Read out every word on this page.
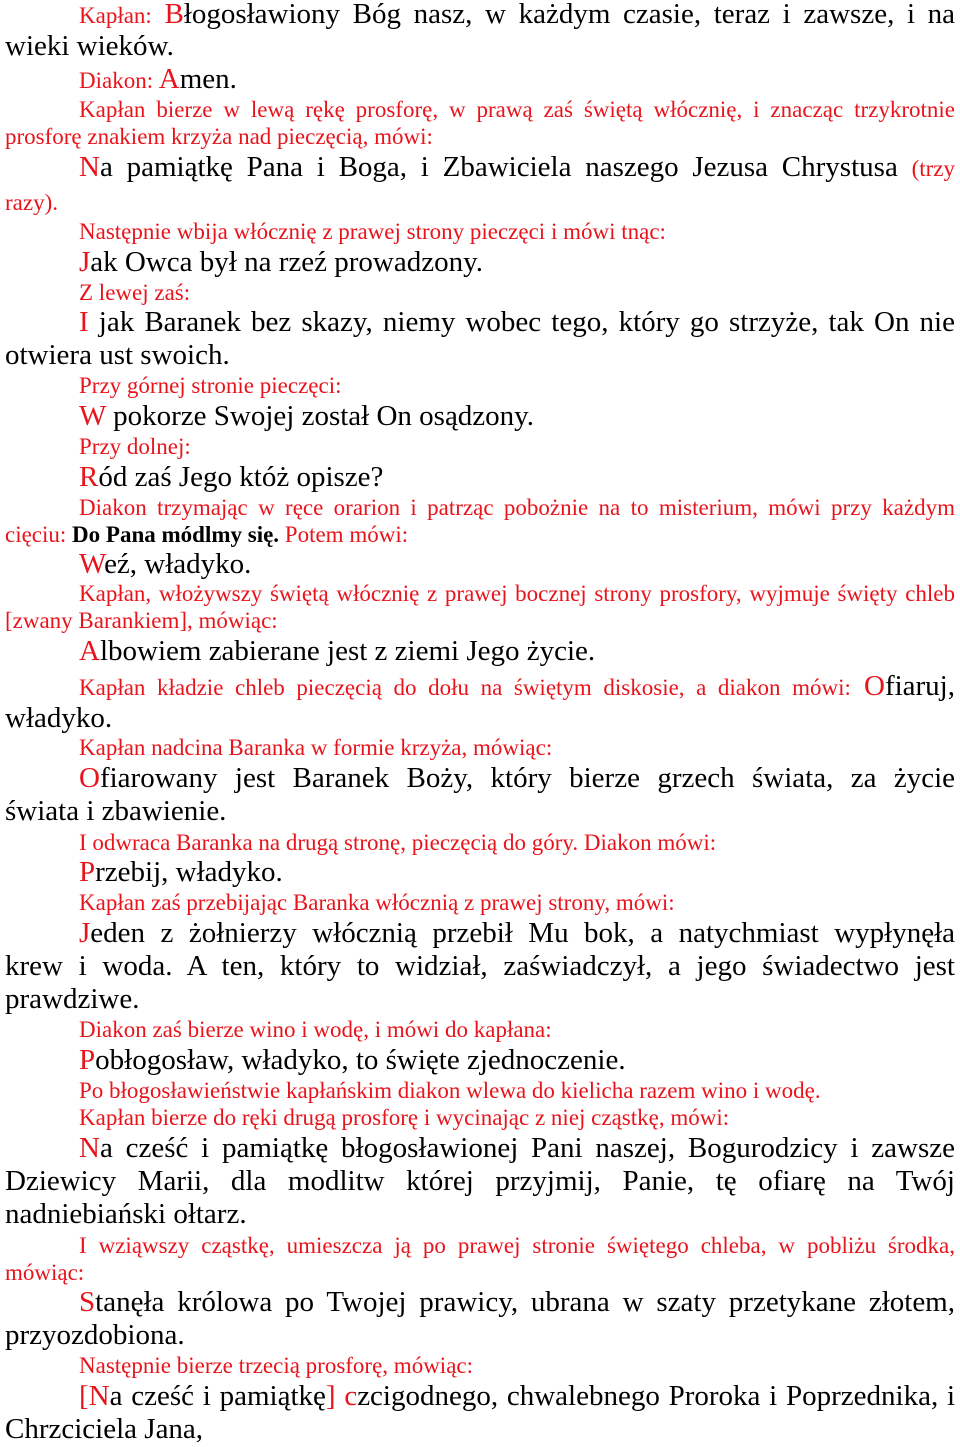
Kapłan: Błogosławiony Bóg nasz, w każdym czasie, teraz i zawsze, i na
wieki wieków.
Diakon: Amen.
Kapłan bierze w lewą rękę prosforę, w prawą zaś świętą włócznię, i znacząc trzykrotnie
prosforę znakiem krzyża nad pieczęcią, mówi:
Na pamiątkę Pana i Boga, i Zbawiciela naszego Jezusa Chrystusa (trzy
razy).
Następnie wbija włócznię z prawej strony pieczęci i mówi tnąc:
Jak Owca był na rzeź prowadzony.
Z lewej zaś:
I jak Baranek bez skazy, niemy wobec tego, który go strzyże, tak On nie
otwiera ust swoich.
Przy górnej stronie pieczęci:
W pokorze Swojej został On osądzony.
Przy dolnej:
Ród zaś Jego któż opisze?
Diakon trzymając w ręce orarion i patrząc pobożnie na to misterium, mówi przy każdym
cięciu: Do Pana módlmy się. Potem mówi:
Weź, władyko.
Kapłan, włożywszy świętą włócznię z prawej bocznej strony prosfory, wyjmuje święty chleb
[zwany Barankiem], mówiąc:
Albowiem zabierane jest z ziemi Jego życie.
Kapłan kładzie chleb pieczęcią do dołu na świętym diskosie, a diakon mówi: Ofiaruj,
władyko.
Kapłan nadcina Baranka w formie krzyża, mówiąc:
Ofiarowany jest Baranek Boży, który bierze grzech świata, za życie
świata i zbawienie.
I odwraca Baranka na drugą stronę, pieczęcią do góry. Diakon mówi:
Przebij, władyko.
Kapłan zaś przebijając Baranka włócznią z prawej strony, mówi:
Jeden z żołnierzy włócznią przebił Mu bok, a natychmiast wypłynęła
krew i woda. A ten, który to widział, zaświadczył, a jego świadectwo jest
prawdziwe.
Diakon zaś bierze wino i wodę, i mówi do kapłana:
Pobłogosław, władyko, to święte zjednoczenie.
Po błogosławieństwie kapłańskim diakon wlewa do kielicha razem wino i wodę.
Kapłan bierze do ręki drugą prosforę i wycinając z niej cząstkę, mówi:
Na cześć i pamiątkę błogosławionej Pani naszej, Bogurodzicy i zawsze
Dziewicy Marii, dla modlitw której przyjmij, Panie, tę ofiarę na Twój
nadniebiański ołtarz.
I wziąwszy cząstkę, umieszcza ją po prawej stronie świętego chleba, w pobliżu środka,
mówiąc:
Stanęła królowa po Twojej prawicy, ubrana w szaty przetykane złotem,
przyozdobiona.
Następnie bierze trzecią prosforę, mówiąc:
[Na cześć i pamiątkę] czcigodnego, chwalebnego Proroka i Poprzednika, i
Chrzciciela Jana,
